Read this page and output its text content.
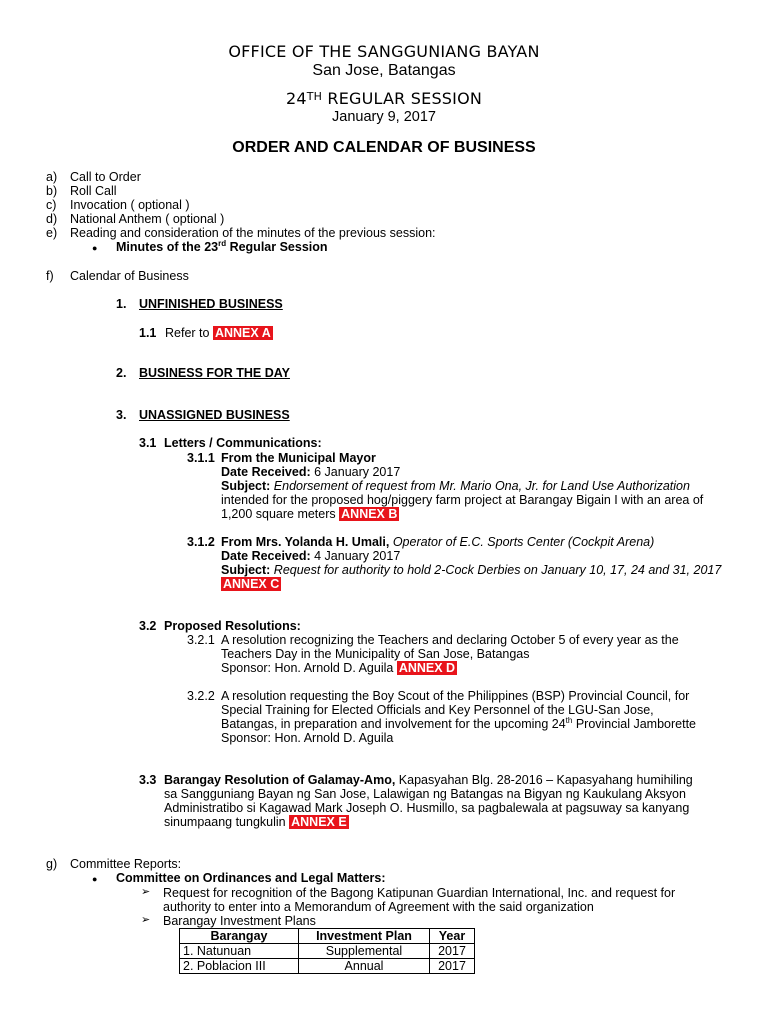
OFFICE OF THE SANGGUNIANG BAYAN
San Jose, Batangas
24TH REGULAR SESSION
January 9, 2017
ORDER AND CALENDAR OF BUSINESS
a) Call to Order
b) Roll Call
c) Invocation ( optional )
d) National Anthem ( optional )
e) Reading and consideration of the minutes of the previous session:
● Minutes of the 23rd Regular Session
f) Calendar of Business
1. UNFINISHED BUSINESS
1.1 Refer to ANNEX A
2. BUSINESS FOR THE DAY
3. UNASSIGNED BUSINESS
3.1 Letters / Communications:
3.1.1 From the Municipal Mayor
Date Received: 6 January 2017
Subject: Endorsement of request from Mr. Mario Ona, Jr. for Land Use Authorization
intended for the proposed hog/piggery farm project at Barangay Bigain I with an area of
1,200 square meters ANNEX B
3.1.2 From Mrs. Yolanda H. Umali, Operator of E.C. Sports Center (Cockpit Arena)
Date Received: 4 January 2017
Subject: Request for authority to hold 2-Cock Derbies on January 10, 17, 24 and 31, 2017
ANNEX C
3.2 Proposed Resolutions:
3.2.1 A resolution recognizing the Teachers and declaring October 5 of every year as the
Teachers Day in the Municipality of San Jose, Batangas
Sponsor: Hon. Arnold D. Aguila ANNEX D
3.2.2 A resolution requesting the Boy Scout of the Philippines (BSP) Provincial Council, for
Special Training for Elected Officials and Key Personnel of the LGU-San Jose,
Batangas, in preparation and involvement for the upcoming 24th Provincial Jamborette
Sponsor: Hon. Arnold D. Aguila
3.3 Barangay Resolution of Galamay-Amo, Kapasyahan Blg. 28-2016 – Kapasyahang humihiling
sa Sangguniang Bayan ng San Jose, Lalawigan ng Batangas na Bigyan ng Kaukulang Aksyon
Administratibo si Kagawad Mark Joseph O. Husmillo, sa pagbalewala at pagsuway sa kanyang
sinumpaang tungkulin ANNEX E
g) Committee Reports:
● Committee on Ordinances and Legal Matters:
➢ Request for recognition of the Bagong Katipunan Guardian International, Inc. and request for
authority to enter into a Memorandum of Agreement with the said organization
➢ Barangay Investment Plans
Barangay	Investment Plan	Year
1. Natunuan	Supplemental	2017
2. Poblacion III	Annual	2017
